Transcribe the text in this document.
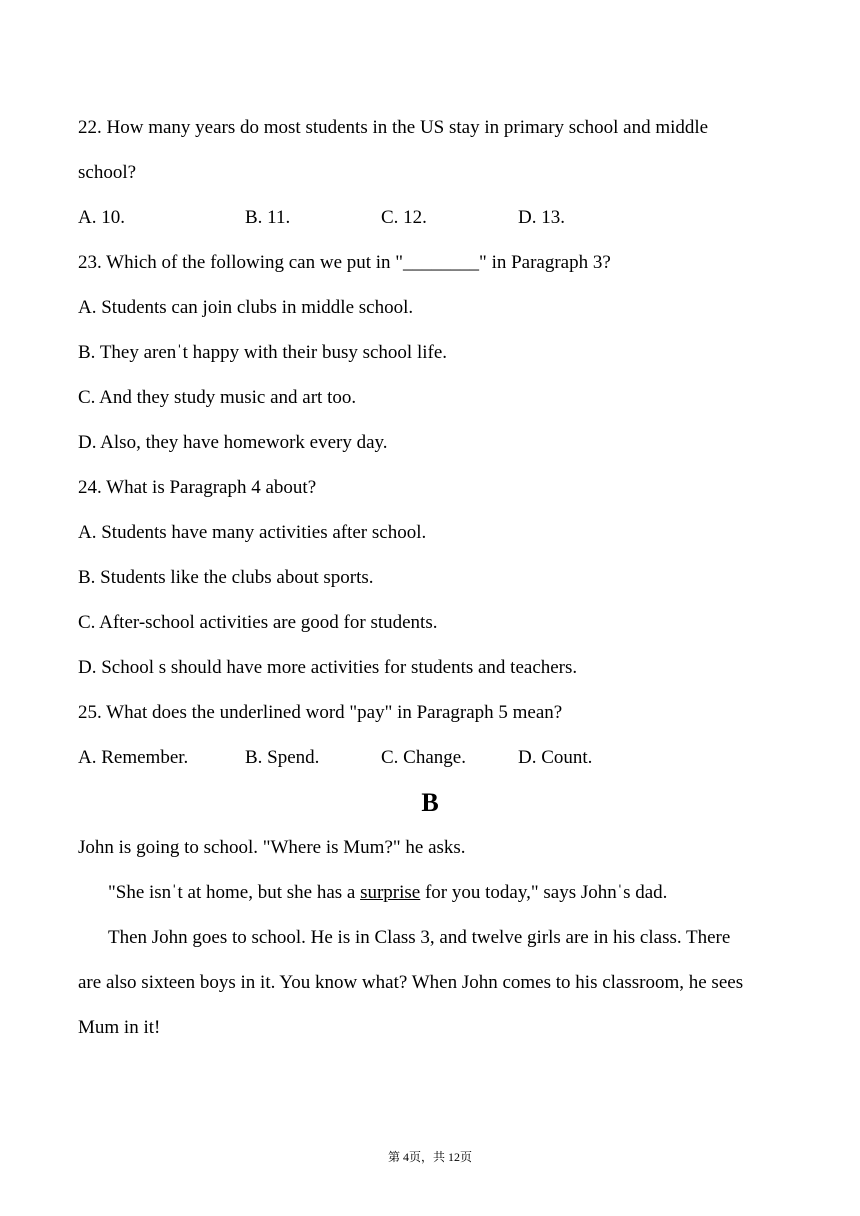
22. How many years do most students in the US stay in primary school and middle
school?
A. 10.	B. 11.	C. 12.	D. 13.
23. Which of the following can we put in "________" in Paragraph 3?
A. Students can join clubs in middle school.
B. They arenˈt happy with their busy school life.
C. And they study music and art too.
D. Also, they have homework every day.
24. What is Paragraph 4 about?
A. Students have many activities after school.
B. Students like the clubs about sports.
C. After-school activities are good for students.
D. School s should have more activities for students and teachers.
25. What does the underlined word "pay" in Paragraph 5 mean?
A. Remember.	B. Spend.	C. Change.	D. Count.
B
John is going to school. "Where is Mum?" he asks.
"She isnˈt at home, but she has a surprise for you today," says Johnˈs dad.
Then John goes to school. He is in Class 3, and twelve girls are in his class. There
are also sixteen boys in it. You know what? When John comes to his classroom, he sees
Mum in it!
第 4页，共 12页
